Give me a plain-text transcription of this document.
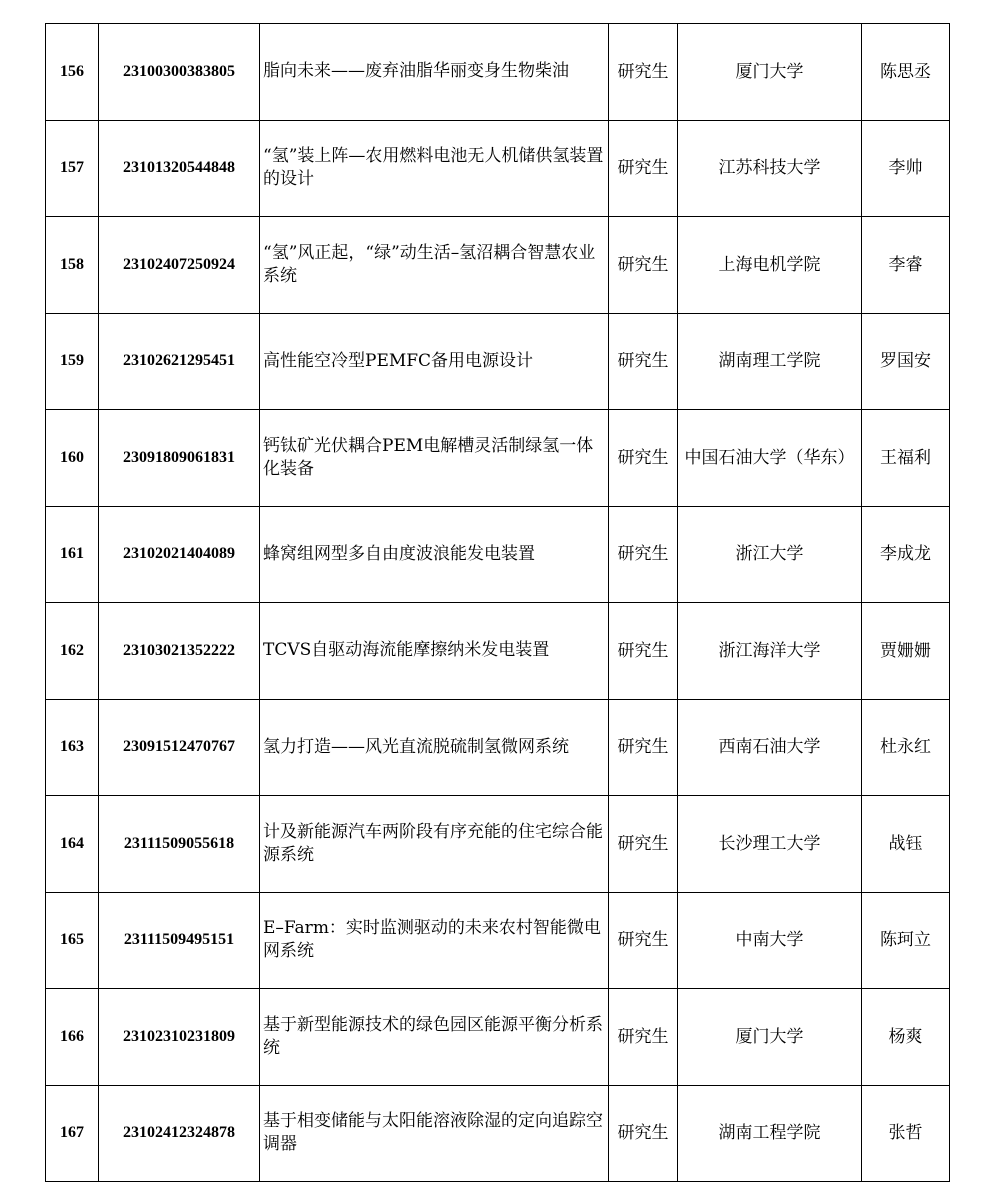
156	23100300383805	脂向未来——废弃油脂华丽变身生物柴油	研究生	厦门大学	陈思丞
157	23101320544848	“氢”装上阵—农用燃料电池无人机储供氢装置的设计	研究生	江苏科技大学	李帅
158	23102407250924	“氢”风正起，“绿”动生活–氢沼耦合智慧农业系统	研究生	上海电机学院	李睿
159	23102621295451	高性能空冷型PEMFC备用电源设计	研究生	湖南理工学院	罗国安
160	23091809061831	钙钛矿光伏耦合PEM电解槽灵活制绿氢一体化装备	研究生	中国石油大学（华东）	王福利
161	23102021404089	蜂窝组网型多自由度波浪能发电装置	研究生	浙江大学	李成龙
162	23103021352222	TCVS自驱动海流能摩擦纳米发电装置	研究生	浙江海洋大学	贾姗姗
163	23091512470767	氢力打造——风光直流脱硫制氢微网系统	研究生	西南石油大学	杜永红
164	23111509055618	计及新能源汽车两阶段有序充能的住宅综合能源系统	研究生	长沙理工大学	战钰
165	23111509495151	E–Farm：实时监测驱动的未来农村智能微电网系统	研究生	中南大学	陈珂立
166	23102310231809	基于新型能源技术的绿色园区能源平衡分析系统	研究生	厦门大学	杨爽
167	23102412324878	基于相变储能与太阳能溶液除湿的定向追踪空调器	研究生	湖南工程学院	张哲
